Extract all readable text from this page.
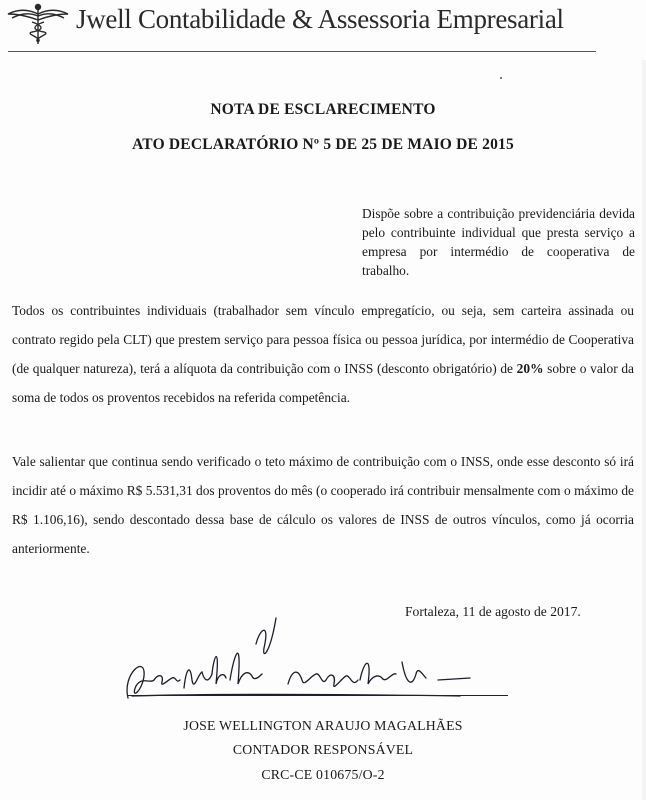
Jwell Contabilidade & Assessoria Empresarial
NOTA DE ESCLARECIMENTO
ATO DECLARATÓRIO Nº 5 DE 25 DE MAIO DE 2015
Dispõe sobre a contribuição previdenciária devida pelo contribuinte individual que presta serviço a empresa por intermédio de cooperativa de trabalho.
Todos os contribuintes individuais (trabalhador sem vínculo empregatício, ou seja, sem carteira assinada ou contrato regido pela CLT) que prestem serviço para pessoa física ou pessoa jurídica, por intermédio de Cooperativa (de qualquer natureza), terá a alíquota da contribuição com o INSS (desconto obrigatório) de 20% sobre o valor da soma de todos os proventos recebidos na referida competência.
Vale salientar que continua sendo verificado o teto máximo de contribuição com o INSS, onde esse desconto só irá incidir até o máximo R$ 5.531,31 dos proventos do mês (o cooperado irá contribuir mensalmente com o máximo de R$ 1.106,16), sendo descontado dessa base de cálculo os valores de INSS de outros vínculos, como já ocorria anteriormente.
Fortaleza, 11 de agosto de 2017.
JOSE WELLINGTON ARAUJO MAGALHÃES
CONTADOR RESPONSÁVEL
CRC-CE 010675/O-2
